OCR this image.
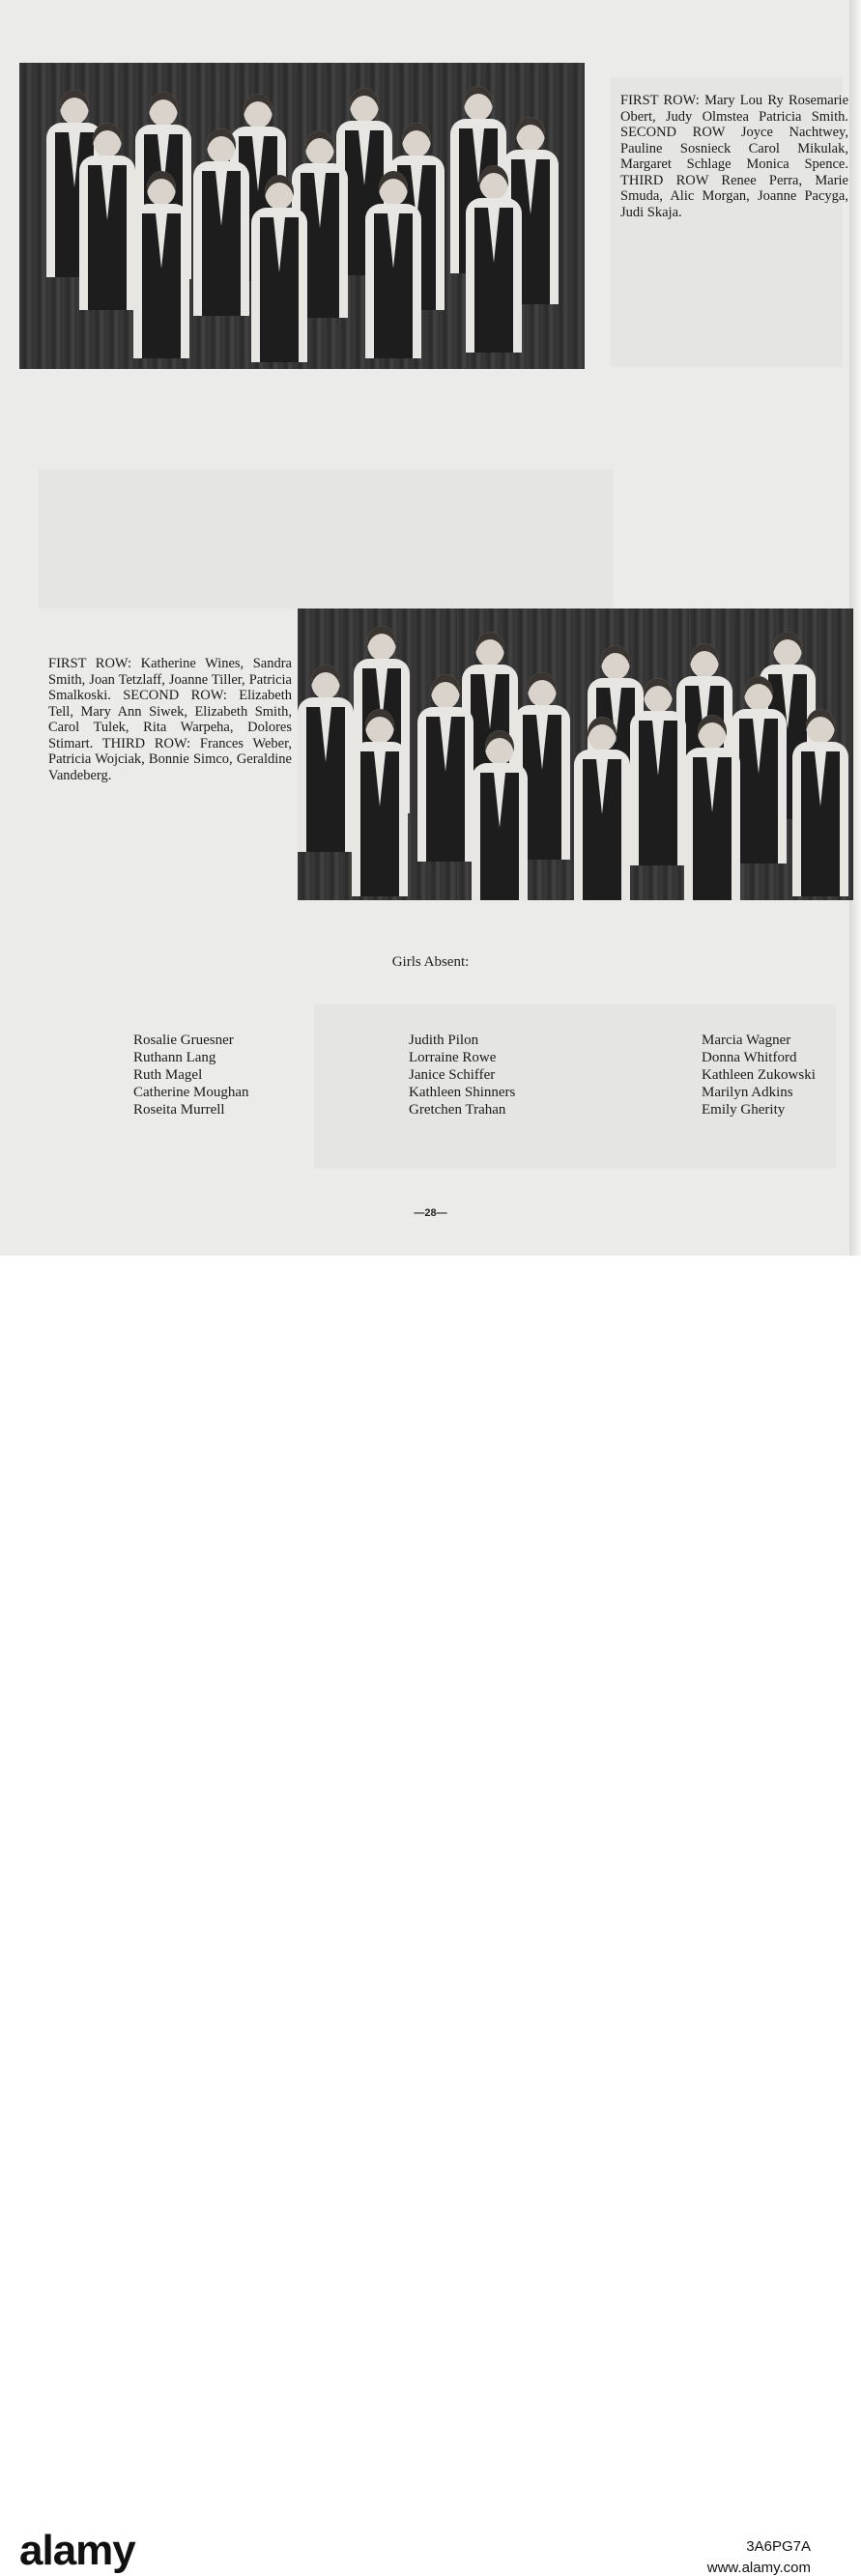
FIRST ROW: Mary Lou Ry Rosemarie Obert, Judy Olmstea Patricia Smith. SECOND ROW Joyce Nachtwey, Pauline Sosnieck Carol Mikulak, Margaret Schlage Monica Spence. THIRD ROW Renee Perra, Marie Smuda, Alic Morgan, Joanne Pacyga, Judi Skaja.

FIRST ROW: Katherine Wines, Sandra Smith, Joan Tetzlaff, Joanne Tiller, Patricia Smalkoski. SECOND ROW: Elizabeth Tell, Mary Ann Siwek, Elizabeth Smith, Carol Tulek, Rita Warpeha, Dolores Stimart. THIRD ROW: Frances Weber, Patricia Wojciak, Bonnie Simco, Geraldine Vandeberg.

Girls Absent:

Rosalie Gruesner
Ruthann Lang
Ruth Magel
Catherine Moughan
Roseita Murrell
Judith Pilon
Lorraine Rowe
Janice Schiffer
Kathleen Shinners
Gretchen Trahan
Marcia Wagner
Donna Whitford
Kathleen Zukowski
Marilyn Adkins
Emily Gherity
—28—
alamy	3A6PG7A
www.alamy.com
